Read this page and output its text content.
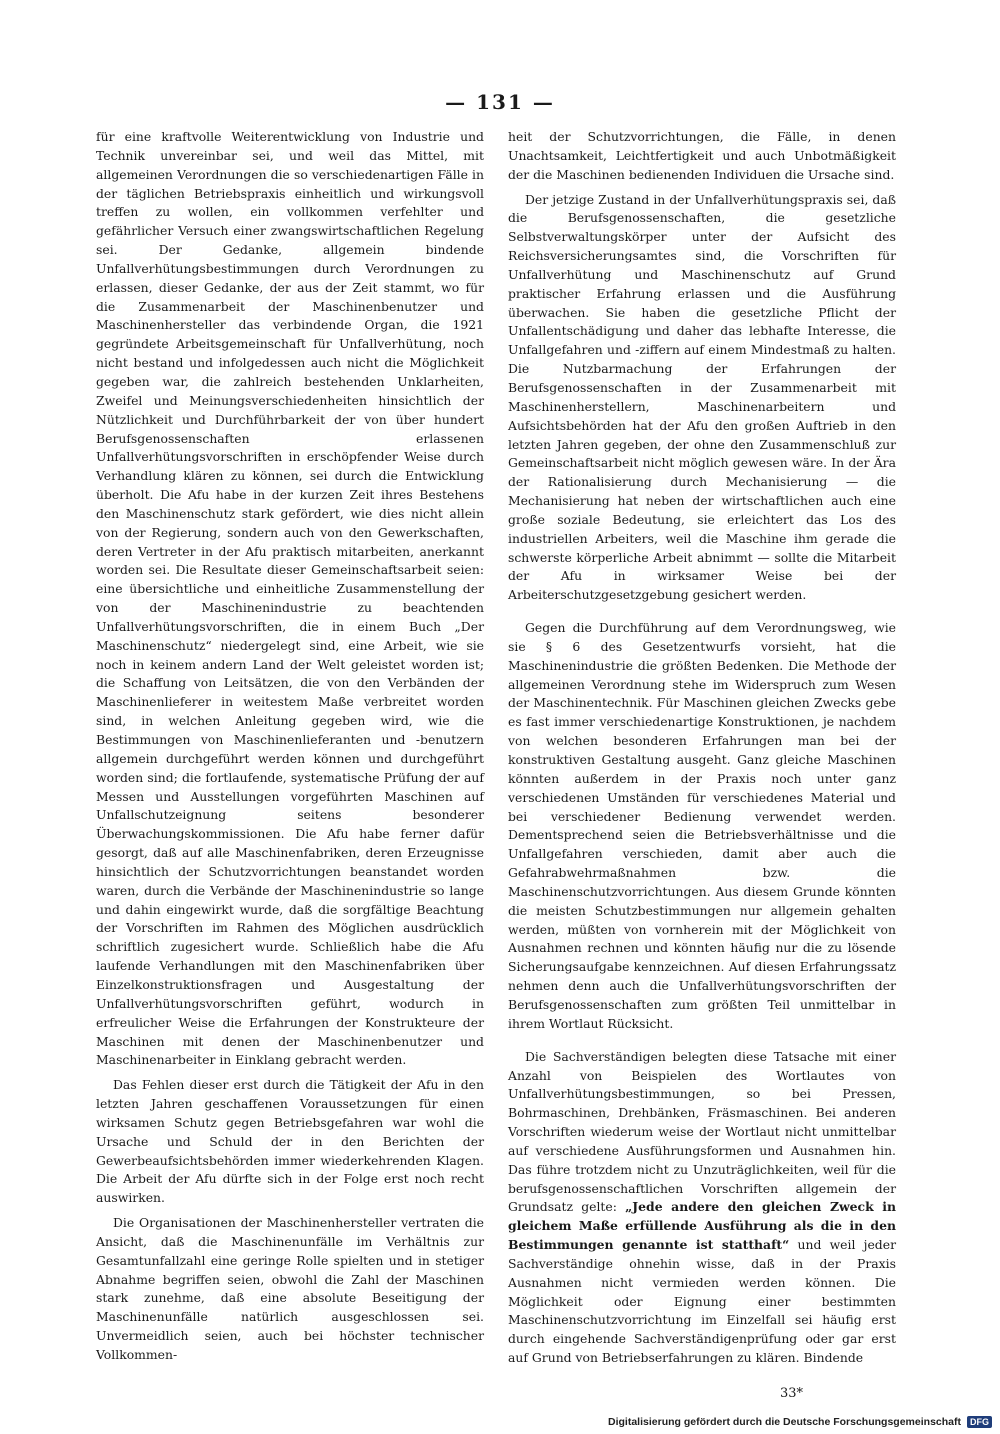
— 131 —

für eine kraftvolle Weiterentwicklung von Industrie und Technik unvereinbar sei, und weil das Mittel, mit allgemeinen Verordnungen die so verschiedenartigen Fälle in der täglichen Betriebspraxis einheitlich und wirkungsvoll treffen zu wollen, ein vollkommen verfehlter und gefährlicher Versuch einer zwangswirtschaftlichen Regelung sei. Der Gedanke, allgemein bindende Unfallverhütungsbestimmungen durch Verordnungen zu erlassen, dieser Gedanke, der aus der Zeit stammt, wo für die Zusammenarbeit der Maschinenbenutzer und Maschinenhersteller das verbindende Organ, die 1921 gegründete Arbeitsgemeinschaft für Unfallverhütung, noch nicht bestand und infolgedessen auch nicht die Möglichkeit gegeben war, die zahlreich bestehenden Unklarheiten, Zweifel und Meinungsverschiedenheiten hinsichtlich der Nützlichkeit und Durchführbarkeit der von über hundert Berufsgenossenschaften erlassenen Unfallverhütungsvorschriften in erschöpfender Weise durch Verhandlung klären zu können, sei durch die Entwicklung überholt. Die Afu habe in der kurzen Zeit ihres Bestehens den Maschinenschutz stark gefördert, wie dies nicht allein von der Regierung, sondern auch von den Gewerkschaften, deren Vertreter in der Afu praktisch mitarbeiten, anerkannt worden sei. Die Resultate dieser Gemeinschaftsarbeit seien: eine übersichtliche und einheitliche Zusammenstellung der von der Maschinenindustrie zu beachtenden Unfallverhütungsvorschriften, die in einem Buch „Der Maschinenschutz“ niedergelegt sind, eine Arbeit, wie sie noch in keinem andern Land der Welt geleistet worden ist; die Schaffung von Leitsätzen, die von den Verbänden der Maschinenlieferer in weitestem Maße verbreitet worden sind, in welchen Anleitung gegeben wird, wie die Bestimmungen von Maschinenlieferanten und -benutzern allgemein durchgeführt werden können und durchgeführt worden sind; die fortlaufende, systematische Prüfung der auf Messen und Ausstellungen vorgeführten Maschinen auf Unfallschutzeignung seitens besonderer Überwachungskommissionen. Die Afu habe ferner dafür gesorgt, daß auf alle Maschinenfabriken, deren Erzeugnisse hinsichtlich der Schutzvorrichtungen beanstandet worden waren, durch die Verbände der Maschinenindustrie so lange und dahin eingewirkt wurde, daß die sorgfältige Beachtung der Vorschriften im Rahmen des Möglichen ausdrücklich schriftlich zugesichert wurde. Schließlich habe die Afu laufende Verhandlungen mit den Maschinenfabriken über Einzelkonstruktionsfragen und Ausgestaltung der Unfallverhütungsvorschriften geführt, wodurch in erfreulicher Weise die Erfahrungen der Konstrukteure der Maschinen mit denen der Maschinenbenutzer und Maschinenarbeiter in Einklang gebracht werden.

Das Fehlen dieser erst durch die Tätigkeit der Afu in den letzten Jahren geschaffenen Voraussetzungen für einen wirksamen Schutz gegen Betriebsgefahren war wohl die Ursache und Schuld der in den Berichten der Gewerbeaufsichtsbehörden immer wiederkehrenden Klagen. Die Arbeit der Afu dürfte sich in der Folge erst noch recht auswirken.

Die Organisationen der Maschinenhersteller vertraten die Ansicht, daß die Maschinenunfälle im Verhältnis zur Gesamtunfallzahl eine geringe Rolle spielten und in stetiger Abnahme begriffen seien, obwohl die Zahl der Maschinen stark zunehme, daß eine absolute Beseitigung der Maschinenunfälle natürlich ausgeschlossen sei. Unvermeidlich seien, auch bei höchster technischer Vollkommen-

heit der Schutzvorrichtungen, die Fälle, in denen Unachtsamkeit, Leichtfertigkeit und auch Unbotmäßigkeit der die Maschinen bedienenden Individuen die Ursache sind.

Der jetzige Zustand in der Unfallverhütungspraxis sei, daß die Berufsgenossenschaften, die gesetzliche Selbstverwaltungskörper unter der Aufsicht des Reichsversicherungsamtes sind, die Vorschriften für Unfallverhütung und Maschinenschutz auf Grund praktischer Erfahrung erlassen und die Ausführung überwachen. Sie haben die gesetzliche Pflicht der Unfallentschädigung und daher das lebhafte Interesse, die Unfallgefahren und -ziffern auf einem Mindestmaß zu halten. Die Nutzbarmachung der Erfahrungen der Berufsgenossenschaften in der Zusammenarbeit mit Maschinenherstellern, Maschinenarbeitern und Aufsichtsbehörden hat der Afu den großen Auftrieb in den letzten Jahren gegeben, der ohne den Zusammenschluß zur Gemeinschaftsarbeit nicht möglich gewesen wäre. In der Ära der Rationalisierung durch Mechanisierung — die Mechanisierung hat neben der wirtschaftlichen auch eine große soziale Bedeutung, sie erleichtert das Los des industriellen Arbeiters, weil die Maschine ihm gerade die schwerste körperliche Arbeit abnimmt — sollte die Mitarbeit der Afu in wirksamer Weise bei der Arbeiterschutzgesetzgebung gesichert werden.

Gegen die Durchführung auf dem Verordnungsweg, wie sie § 6 des Gesetzentwurfs vorsieht, hat die Maschinenindustrie die größten Bedenken. Die Methode der allgemeinen Verordnung stehe im Widerspruch zum Wesen der Maschinentechnik. Für Maschinen gleichen Zwecks gebe es fast immer verschiedenartige Konstruktionen, je nachdem von welchen besonderen Erfahrungen man bei der konstruktiven Gestaltung ausgeht. Ganz gleiche Maschinen könnten außerdem in der Praxis noch unter ganz verschiedenen Umständen für verschiedenes Material und bei verschiedener Bedienung verwendet werden. Dementsprechend seien die Betriebsverhältnisse und die Unfallgefahren verschieden, damit aber auch die Gefahrabwehrmaßnahmen bzw. die Maschinenschutzvorrichtungen. Aus diesem Grunde könnten die meisten Schutzbestimmungen nur allgemein gehalten werden, müßten von vornherein mit der Möglichkeit von Ausnahmen rechnen und könnten häufig nur die zu lösende Sicherungsaufgabe kennzeichnen. Auf diesen Erfahrungssatz nehmen denn auch die Unfallverhütungsvorschriften der Berufsgenossenschaften zum größten Teil unmittelbar in ihrem Wortlaut Rücksicht.

Die Sachverständigen belegten diese Tatsache mit einer Anzahl von Beispielen des Wortlautes von Unfallverhütungsbestimmungen, so bei Pressen, Bohrmaschinen, Drehbänken, Fräsmaschinen. Bei anderen Vorschriften wiederum weise der Wortlaut nicht unmittelbar auf verschiedene Ausführungsformen und Ausnahmen hin. Das führe trotzdem nicht zu Unzuträglichkeiten, weil für die berufsgenossenschaftlichen Vorschriften allgemein der Grundsatz gelte: „Jede andere den gleichen Zweck in gleichem Maße erfüllende Ausführung als die in den Bestimmungen genannte ist statthaft“ und weil jeder Sachverständige ohnehin wisse, daß in der Praxis Ausnahmen nicht vermieden werden können. Die Möglichkeit oder Eignung einer bestimmten Maschinenschutzvorrichtung im Einzelfall sei häufig erst durch eingehende Sachverständigenprüfung oder gar erst auf Grund von Betriebserfahrungen zu klären. Bindende

33*
Digitalisierung gefördert durch die Deutsche Forschungsgemeinschaft	DFG
